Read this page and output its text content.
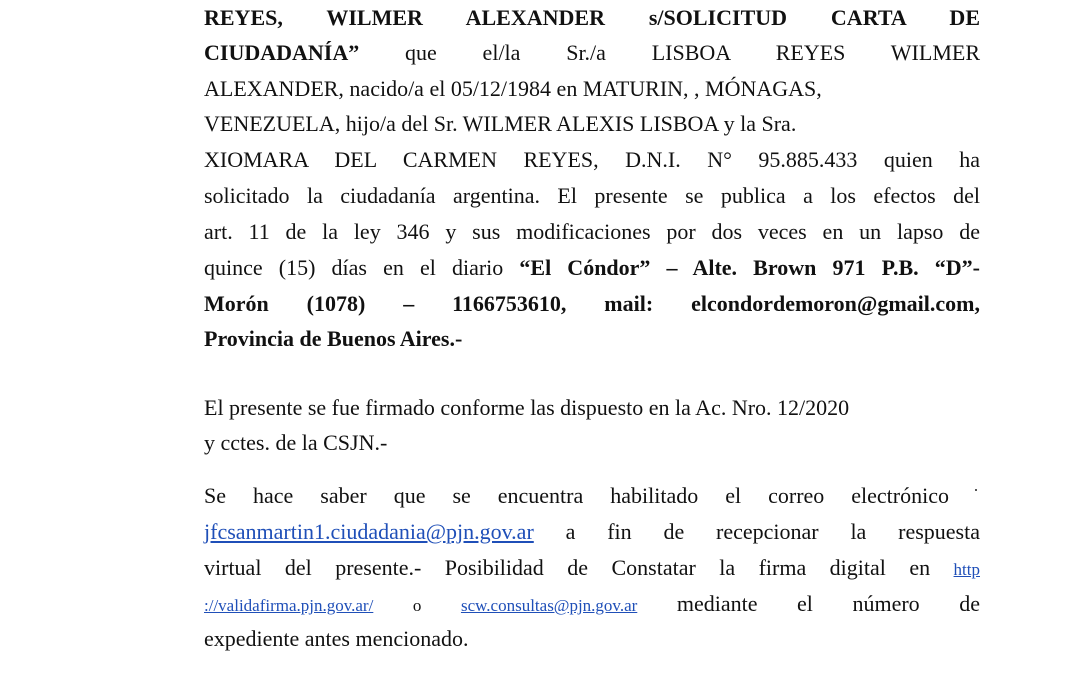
REYES, WILMER ALEXANDER s/SOLICITUD CARTA DE
CIUDADANÍA” que el/la Sr./a LISBOA REYES WILMER
ALEXANDER, nacido/a el 05/12/1984 en MATURIN, , MÓNAGAS,
VENEZUELA, hijo/a del Sr. WILMER ALEXIS LISBOA y la Sra.
XIOMARA DEL CARMEN REYES, D.N.I. N° 95.885.433 quien ha
solicitado la ciudadanía argentina. El presente se publica a los efectos del
art. 11 de la ley 346 y sus modificaciones por dos veces en un lapso de
quince (15) días en el diario “El Cóndor” – Alte. Brown 971 P.B. “D”-
Morón (1078) – 1166753610, mail: elcondordemoron@gmail.com,
Provincia de Buenos Aires.-
El presente se fue firmado conforme las dispuesto en la Ac. Nro. 12/2020
y cctes. de la CSJN.-
Se hace saber que se encuentra habilitado el correo electrónico
jfcsanmartin1.ciudadania@pjn.gov.ar a fin de recepcionar la respuesta
virtual del presente.- Posibilidad de Constatar la firma digital en http
://validafirma.pjn.gov.ar/ o scw.consultas@pjn.gov.ar mediante el número de
expediente antes mencionado.
